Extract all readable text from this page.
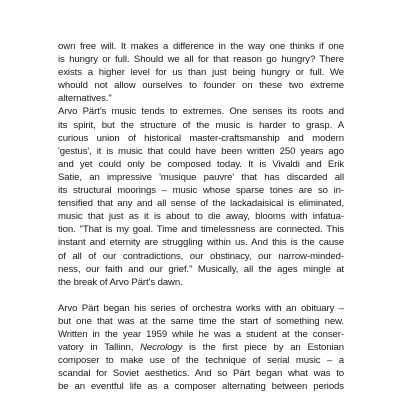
own free will. It makes a difference in the way one thinks if one
is hungry or full. Should we all for that reason go hungry? There
exists a higher level for us than just being hungry or full. We
whould not allow ourselves to founder on these two extreme
alternatives."
Arvo Pärt's music tends to extremes. One senses its roots and
its spirit, but the structure of the music is harder to grasp. A
curious union of historical master-craftsmanship and modern
'gestus', it is music that could have been written 250 years ago
and yet could only be composed today. It is Vivaldi and Erik
Satie, an impressive 'musique pauvre' that has discarded all
its structural moorings – music whose sparse tones are so in-
tensified that any and all sense of the lackadaisical is eliminated,
music that just as it is about to die away, blooms with infatua-
tion. "That is my goal. Time and timelessness are connected. This
instant and eternity are struggling within us. And this is the cause
of all of our contradictions, our obstinacy, our narrow-minded-
ness, our faith and our grief." Musically, all the ages mingle at
the break of Arvo Pärt's dawn.
Arvo Pärt began his series of orchestra works with an obituary –
but one that was at the same time the start of something new.
Written in the year 1959 while he was a student at the conser-
vatory in Tallinn, Necrology is the first piece by an Estonian
composer to make use of the technique of serial music – a
scandal for Soviet aesthetics. And so Pärt began what was to
be an eventful life as a composer alternating between periods
